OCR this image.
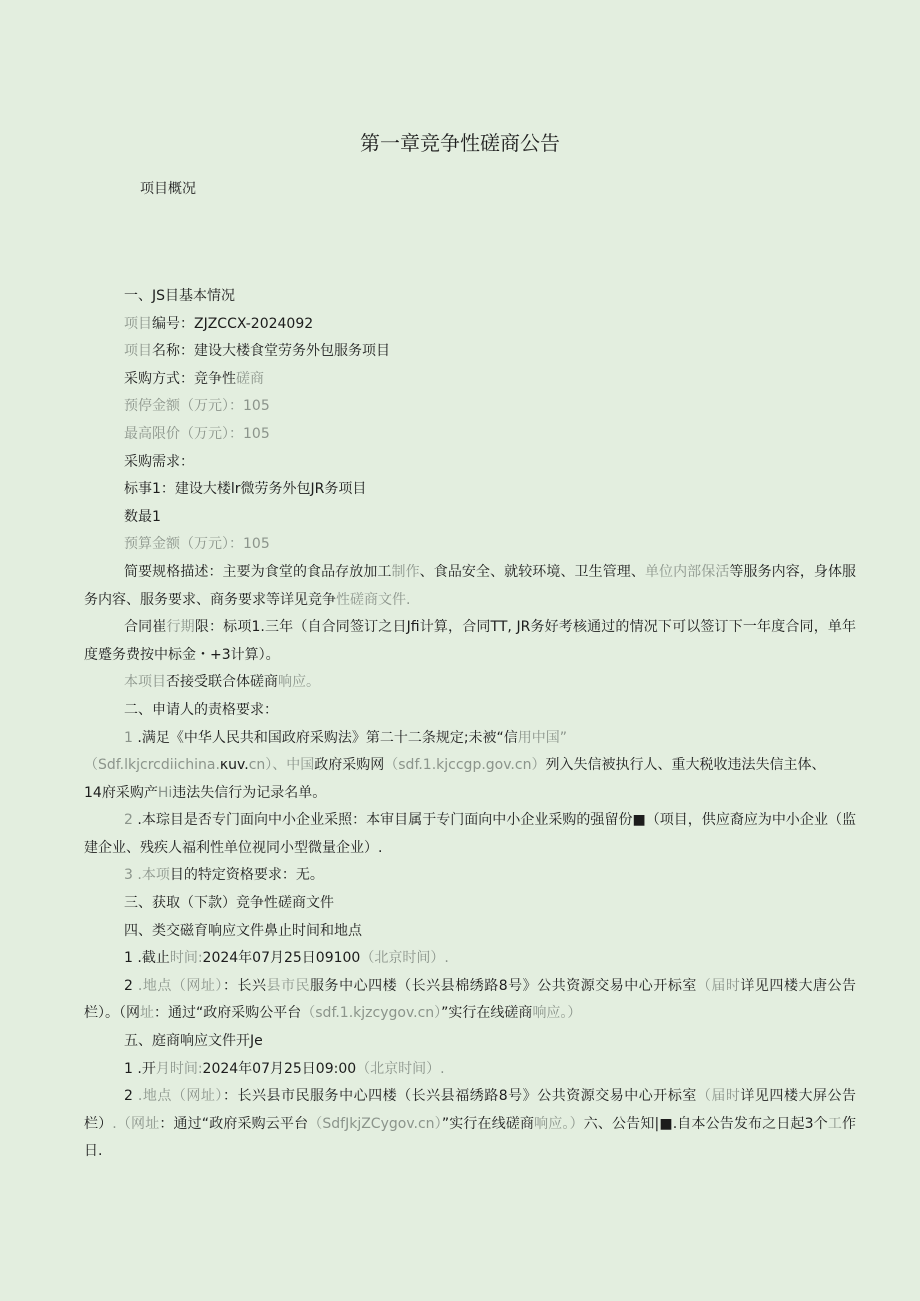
第一章竞争性磋商公告
项目概况

一、JS目基本情况

项目编号：ZJZCCX-2024092

项目名称：建设大楼食堂劳务外包服务项目

采购方式：竞争性磋商

预停金额（万元）：105

最高限价（万元）：105

采购需求：

标事1：建设大楼lr微劳务外包JR务项目

数最1

预算金额（万元）：105

简要规格描述：主要为食堂的食品存放加工制作、食品安全、就较环境、卫生管理、单位内部保活等服务内容，身体服务内容、服务要求、商务要求等详见竞争性磋商文件.

合同崔行期限：标项1.三年（自合同签订之日Jfi计算，合同TT, JR务好考核通过的情况下可以签订下一年度合同，单年度蹙务费按中标金・+3计算）。

本项目否接受联合体磋商响应。

二、申请人的责格要求：

1 .满足《中华人民共和国政府采购法》第二十二条规定;未被“信用中国”

（Sdf.lkjcrcdiichina.κuv.cn）、中国政府采购网（sdf.1.kjccgp.gov.cn）列入失信被执行人、重大税收违法失信主体、

14府采购产Hi违法失信行为记录名单。

2 .本琮目是否专门面向中小企业采照：本审目属于专门面向中小企业采购的强留份■（项目，供应裔应为中小企业（监建企业、残疾人福利性单位视同小型微量企业）.

3 .本项目的特定资格要求：无。

三、获取（下款）竞争性磋商文件

四、类交磁育响应文件鼻止时间和地点

1 .截止时间:2024年07月25日09100（北京时间）.

2 .地点（网址）：长兴县市民服务中心四楼（长兴县棉绣路8号》公共资源交易中心开标室（届时详见四楼大唐公告栏）。（网址：通过“政府采购公平台（sdf.1.kjzcygov.cn）”实行在线磋商响应。）

五、庭商响应文件开Je

1 .开月时间:2024年07月25日09:00（北京时间）.

2 .地点（网址）：长兴县市民服务中心四楼（长兴县福绣路8号》公共资源交易中心开标室（届时详见四楼大屏公告栏）.（网址：通过“政府采购云平台（SdfJkjZCygov.cn）”实行在线磋商响应。）六、公告知|■.自本公告发布之日起3个工作日.
